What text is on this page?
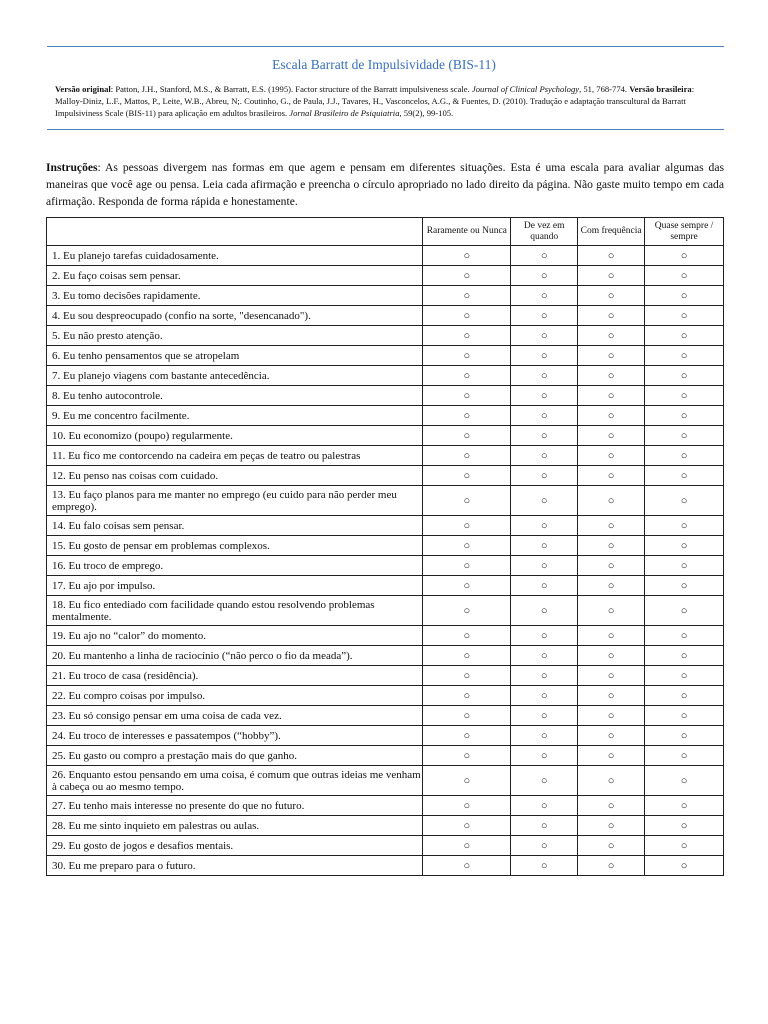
Escala Barratt de Impulsividade (BIS-11)
Versão original: Patton, J.H., Stanford, M.S., & Barratt, E.S. (1995). Factor structure of the Barratt impulsiveness scale. Journal of Clinical Psychology, 51, 768-774. Versão brasileira: Malloy-Diniz, L.F., Mattos, P., Leite, W.B., Abreu, N;. Coutinho, G., de Paula, J.J., Tavares, H., Vasconcelos, A.G., & Fuentes, D. (2010). Tradução e adaptação transcultural da Barratt Impulsiviness Scale (BIS-11) para aplicação em adultos brasileiros. Jornal Brasileiro de Psiquiatria, 59(2), 99-105.
Instruções: As pessoas divergem nas formas em que agem e pensam em diferentes situações. Esta é uma escala para avaliar algumas das maneiras que você age ou pensa. Leia cada afirmação e preencha o círculo apropriado no lado direito da página. Não gaste muito tempo em cada afirmação. Responda de forma rápida e honestamente.
	Raramente ou Nunca	De vez em quando	Com frequência	Quase sempre / sempre
1. Eu planejo tarefas cuidadosamente.	○	○	○	○
2. Eu faço coisas sem pensar.	○	○	○	○
3. Eu tomo decisões rapidamente.	○	○	○	○
4. Eu sou despreocupado (confio na sorte, "desencanado").	○	○	○	○
5. Eu não presto atenção.	○	○	○	○
6. Eu tenho pensamentos que se atropelam	○	○	○	○
7. Eu planejo viagens com bastante antecedência.	○	○	○	○
8. Eu tenho autocontrole.	○	○	○	○
9. Eu me concentro facilmente.	○	○	○	○
10. Eu economizo (poupo) regularmente.	○	○	○	○
11. Eu fico me contorcendo na cadeira em peças de teatro ou palestras	○	○	○	○
12. Eu penso nas coisas com cuidado.	○	○	○	○
13. Eu faço planos para me manter no emprego (eu cuido para não perder meu emprego).	○	○	○	○
14. Eu falo coisas sem pensar.	○	○	○	○
15. Eu gosto de pensar em problemas complexos.	○	○	○	○
16. Eu troco de emprego.	○	○	○	○
17. Eu ajo por impulso.	○	○	○	○
18. Eu fico entediado com facilidade quando estou resolvendo problemas mentalmente.	○	○	○	○
19. Eu ajo no “calor” do momento.	○	○	○	○
20. Eu mantenho a linha de raciocínio (“não perco o fio da meada”).	○	○	○	○
21. Eu troco de casa (residência).	○	○	○	○
22. Eu compro coisas por impulso.	○	○	○	○
23. Eu só consigo pensar em uma coisa de cada vez.	○	○	○	○
24. Eu troco de interesses e passatempos (“hobby”).	○	○	○	○
25. Eu gasto ou compro a prestação mais do que ganho.	○	○	○	○
26. Enquanto estou pensando em uma coisa, é comum que outras ideias me venham à cabeça ou ao mesmo tempo.	○	○	○	○
27. Eu tenho mais interesse no presente do que no futuro.	○	○	○	○
28. Eu me sinto inquieto em palestras ou aulas.	○	○	○	○
29. Eu gosto de jogos e desafios mentais.	○	○	○	○
30. Eu me preparo para o futuro.	○	○	○	○
